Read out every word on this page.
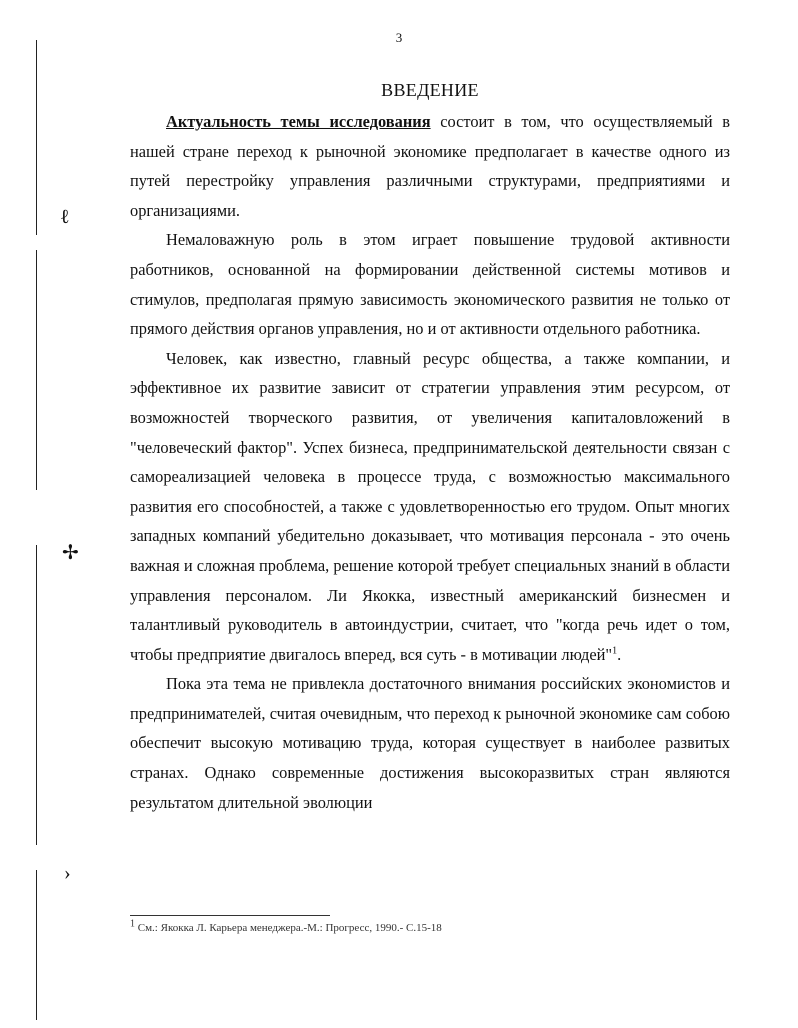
ℓ
✢
›
3
ВВЕДЕНИЕ

Актуальность темы исследования состоит в том, что осуществляемый в нашей стране переход к рыночной экономике предполагает в качестве одного из путей перестройку управления различными структурами, предприятиями и организациями.

Немаловажную роль в этом играет повышение трудовой активности работников, основанной на формировании действенной системы мотивов и стимулов, предполагая прямую зависимость экономического развития не только от прямого действия органов управления, но и от активности отдельного работника.

Человек, как известно, главный ресурс общества, а также компании, и эффективное их развитие зависит от стратегии управления этим ресурсом, от возможностей творческого развития, от увеличения капиталовложений в "человеческий фактор". Успех бизнеса, предпринимательской деятельности связан с самореализацией человека в процессе труда, с возможностью максимального развития его способностей, а также с удовлетворенностью его трудом. Опыт многих западных компаний убедительно доказывает, что мотивация персонала - это очень важная и сложная проблема, решение которой требует специальных знаний в области управления персоналом. Ли Якокка, известный американский бизнесмен и талантливый руководитель в автоиндустрии, считает, что "когда речь идет о том, чтобы предприятие двигалось вперед, вся суть - в мотивации людей"$^1$.

Пока эта тема не привлекла достаточного внимания российских экономистов и предпринимателей, считая очевидным, что переход к рыночной экономике сам собою обеспечит высокую мотивацию труда, которая существует в наиболее развитых странах. Однако современные достижения высокоразвитых стран являются результатом длительной эволюции

1 См.: Якокка Л. Карьера менеджера.-М.: Прогресс, 1990.- С.15-18
